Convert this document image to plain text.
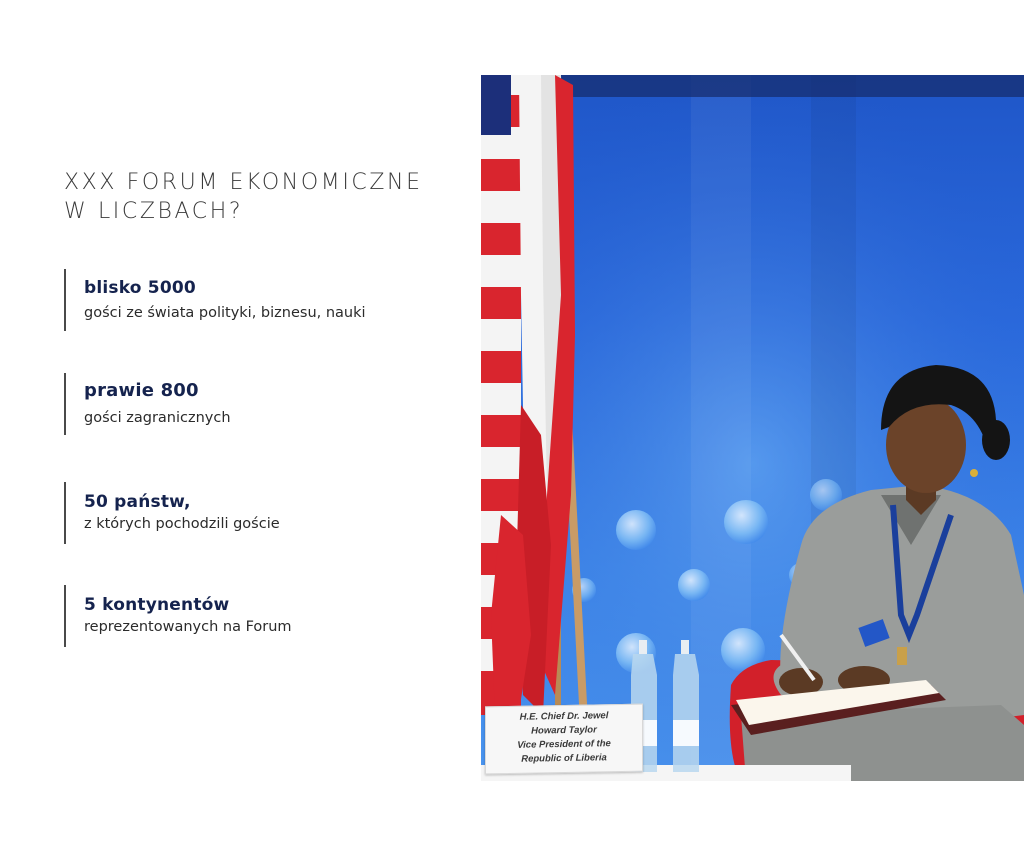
XXX FORUM EKONOMICZNE
W LICZBACH?
blisko 5000
gości ze świata polityki, biznesu, nauki
prawie 800
gości zagranicznych
50 państw,
z których pochodzili goście
5 kontynentów
reprezentowanych na Forum
H.E. Chief Dr. Jewel
Howard Taylor
Vice President of the
Republic of Liberia
